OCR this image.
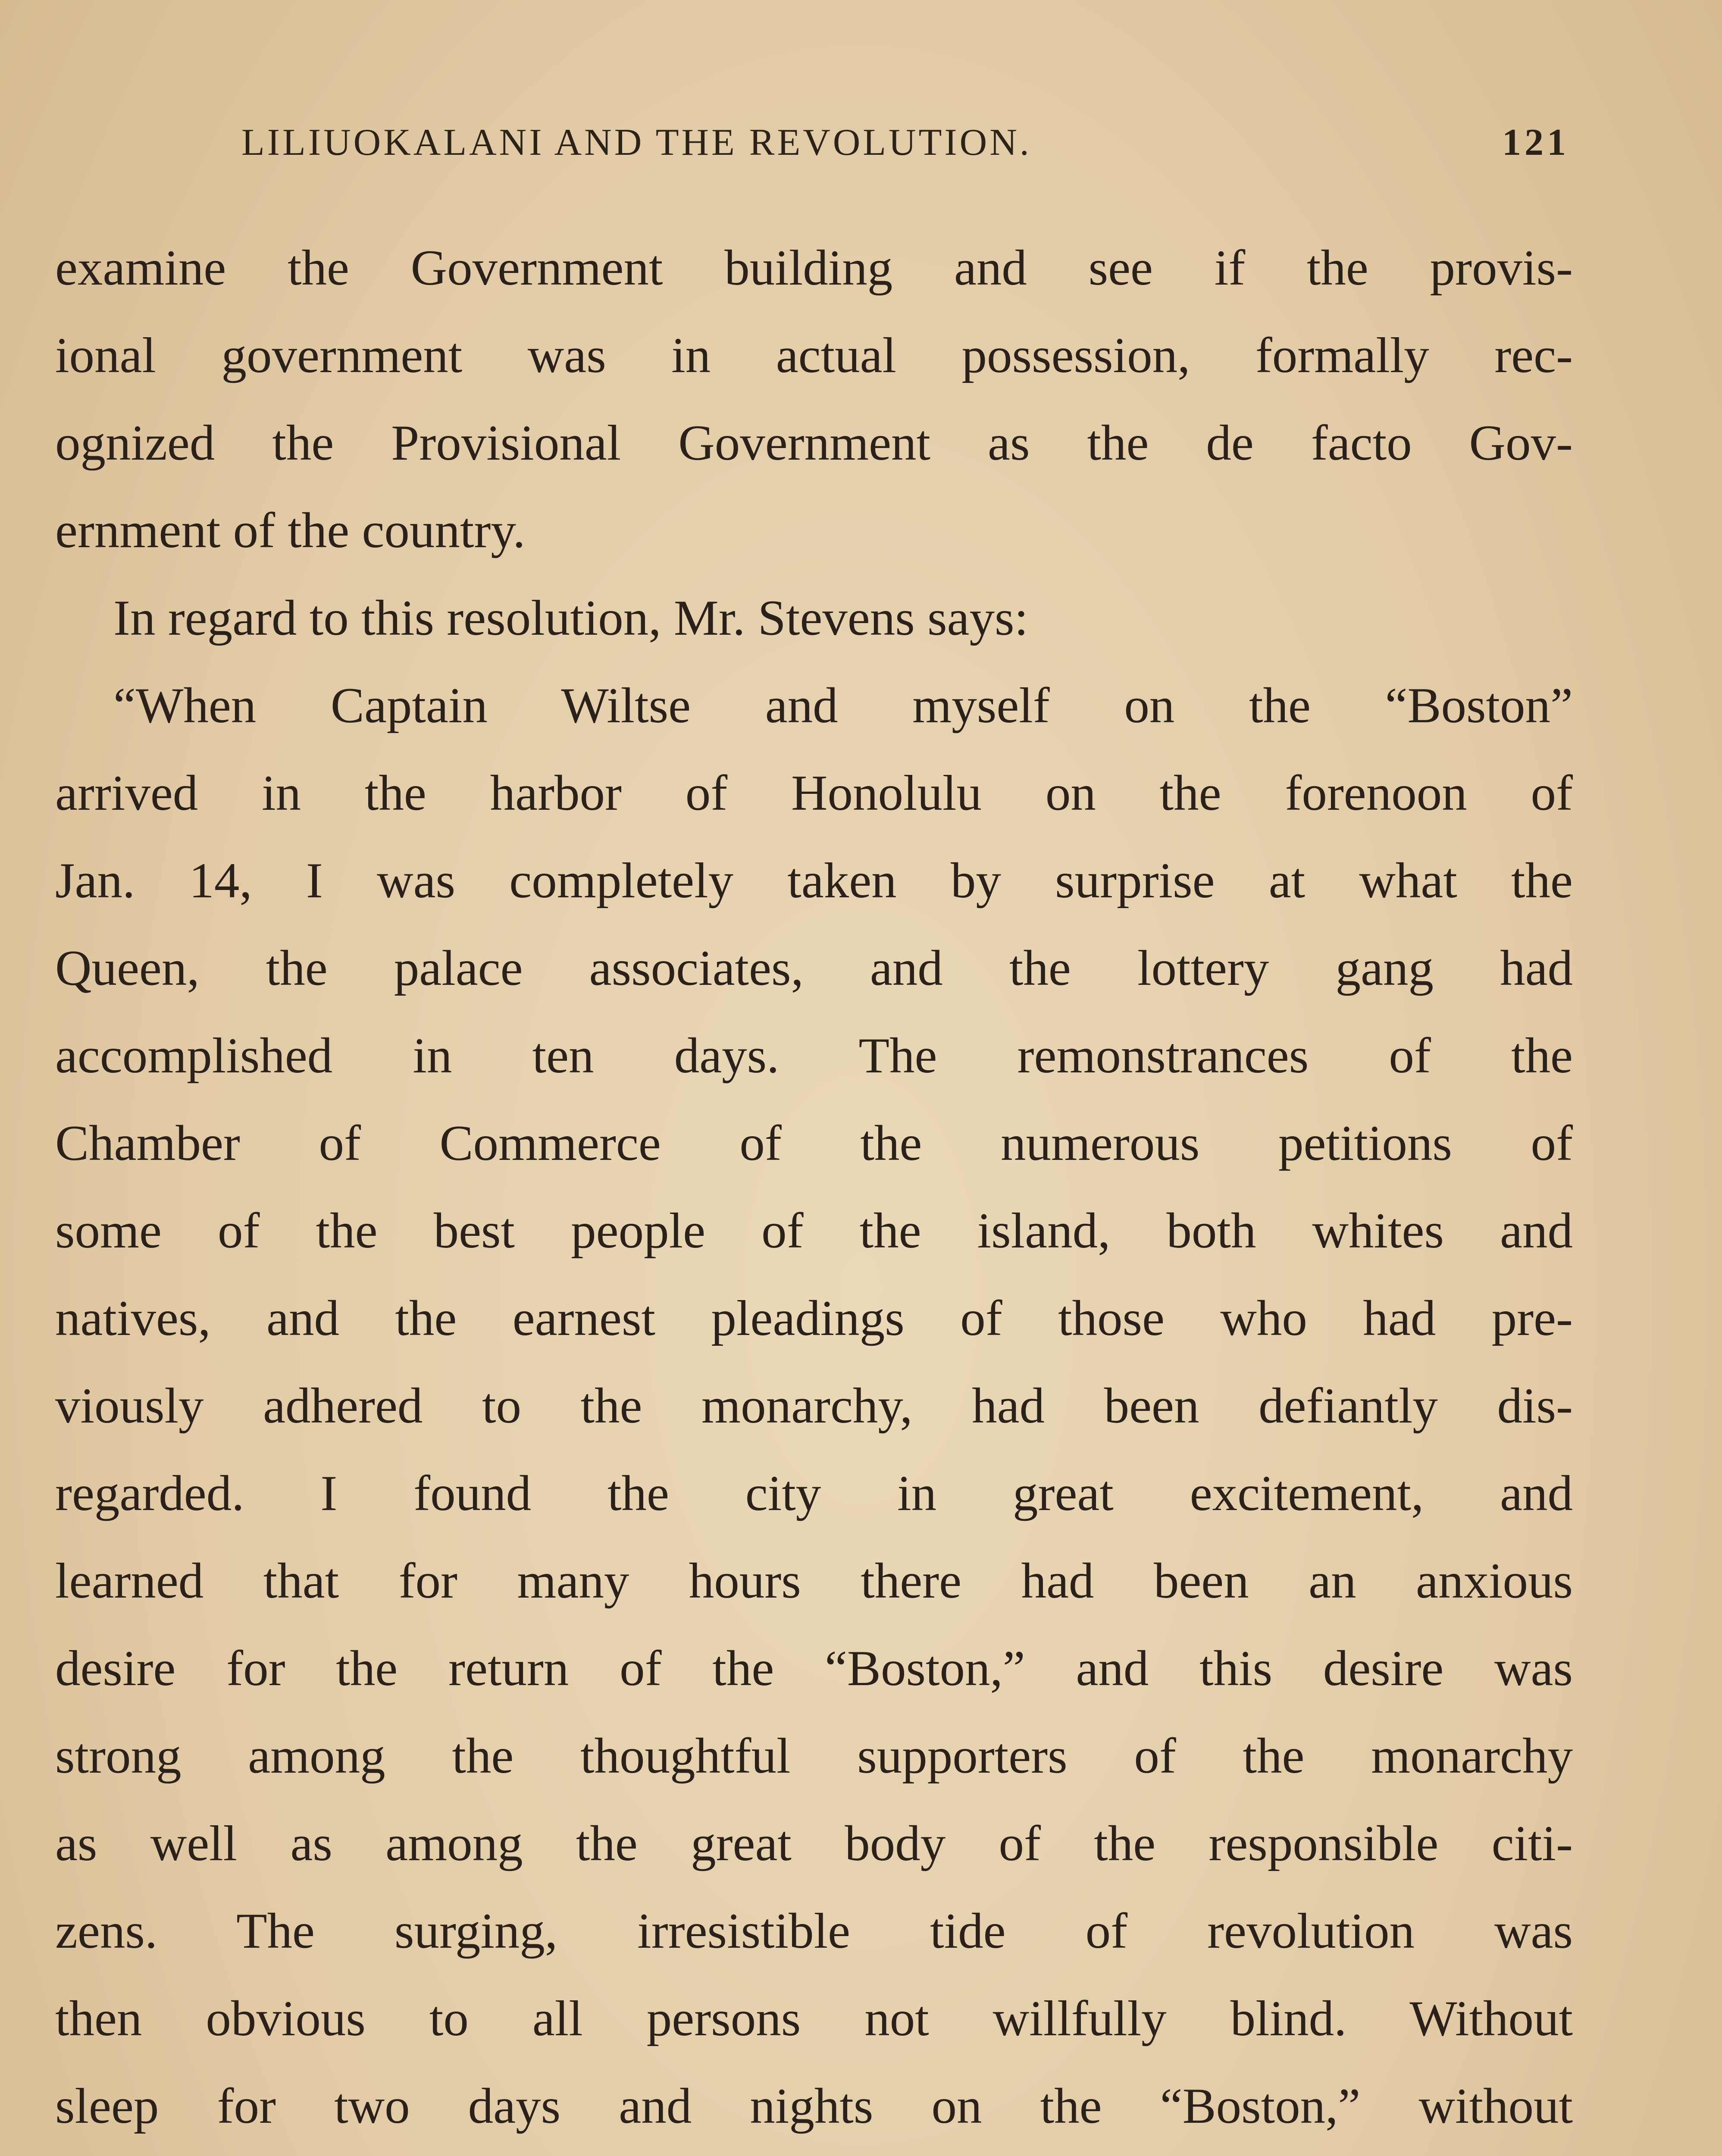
LILIUOKALANI AND THE REVOLUTION.	121
examine the Government building and see if the provis-
ional government was in actual possession, formally rec-
ognized the Provisional Government as the de facto Gov-
ernment of the country.
In regard to this resolution, Mr. Stevens says:
“When Captain Wiltse and myself on the “Boston”
arrived in the harbor of Honolulu on the forenoon of
Jan. 14, I was completely taken by surprise at what the
Queen, the palace associates, and the lottery gang had
accomplished in ten days. The remonstrances of the
Chamber of Commerce of the numerous petitions of
some of the best people of the island, both whites and
natives, and the earnest pleadings of those who had pre-
viously adhered to the monarchy, had been defiantly dis-
regarded. I found the city in great excitement, and
learned that for many hours there had been an anxious
desire for the return of the “Boston,” and this desire was
strong among the thoughtful supporters of the monarchy
as well as among the great body of the responsible citi-
zens. The surging, irresistible tide of revolution was
then obvious to all persons not willfully blind. Without
sleep for two days and nights on the “Boston,” without
